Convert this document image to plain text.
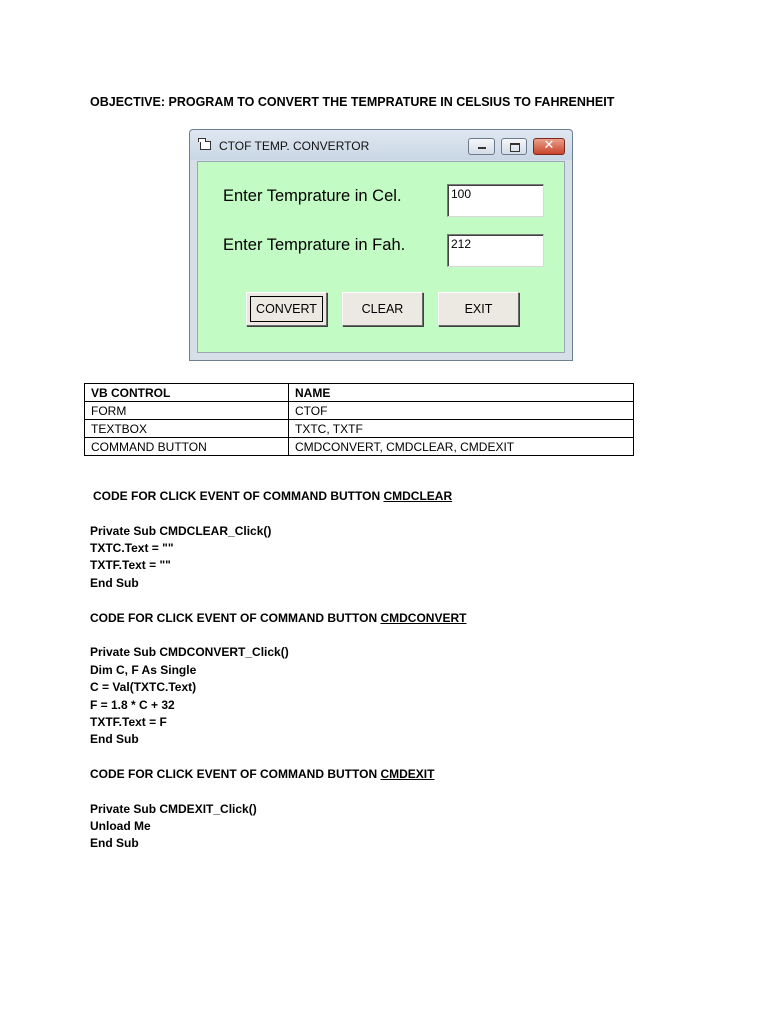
OBJECTIVE: PROGRAM TO CONVERT THE TEMPRATURE IN CELSIUS TO FAHRENHEIT
CTOF TEMP. CONVERTOR	✕
Enter Temprature in Cel.	100
Enter Temprature in Fah.	212
CONVERT	CLEAR	EXIT
VB CONTROL	NAME
FORM	CTOF
TEXTBOX	TXTC, TXTF
COMMAND BUTTON	CMDCONVERT, CMDCLEAR, CMDEXIT
CODE FOR CLICK EVENT OF COMMAND BUTTON CMDCLEAR
Private Sub CMDCLEAR_Click()
TXTC.Text = ""
TXTF.Text = ""
End Sub
CODE FOR CLICK EVENT OF COMMAND BUTTON CMDCONVERT
Private Sub CMDCONVERT_Click()
Dim C, F As Single
C = Val(TXTC.Text)
F = 1.8 * C + 32
TXTF.Text = F
End Sub
CODE FOR CLICK EVENT OF COMMAND BUTTON CMDEXIT
Private Sub CMDEXIT_Click()
Unload Me
End Sub
